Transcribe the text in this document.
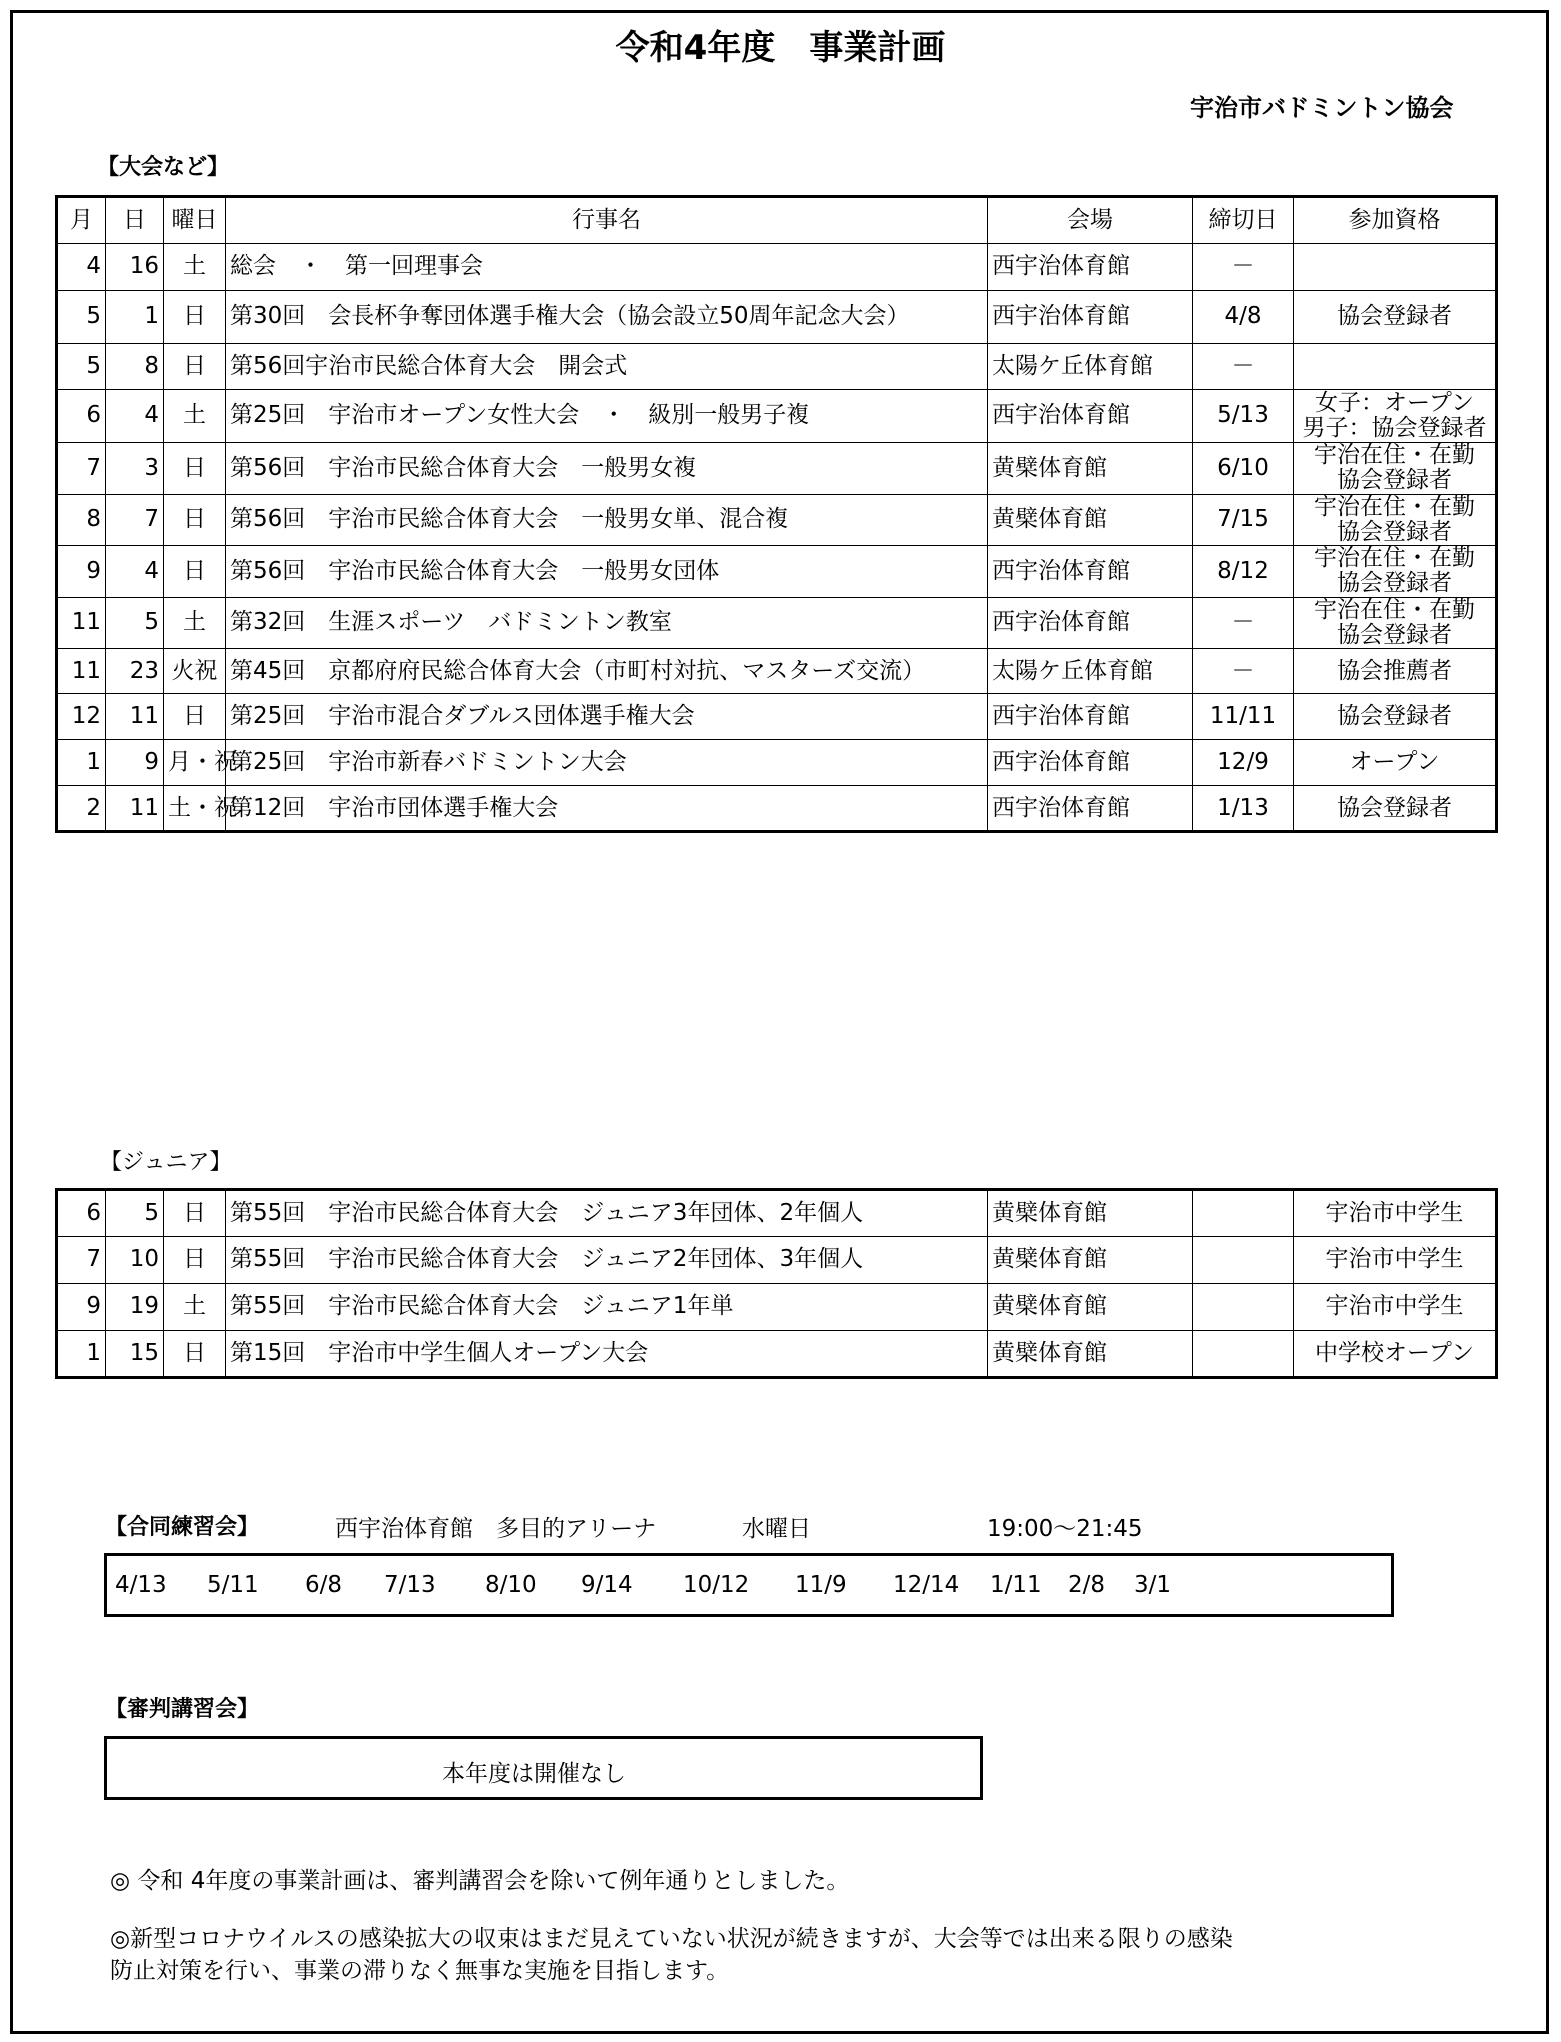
令和4年度　事業計画
宇治市バドミントン協会
【大会など】
月	日	曜日	行事名	会場	締切日	参加資格
4	16	土	総会　・　第一回理事会	西宇治体育館	－	
5	1	日	第30回　会長杯争奪団体選手権大会（協会設立50周年記念大会）	西宇治体育館	4/8	協会登録者
5	8	日	第56回宇治市民総合体育大会　開会式	太陽ケ丘体育館	－	
6	4	土	第25回　宇治市オープン女性大会　・　級別一般男子複	西宇治体育館	5/13	女子：オープン
男子：協会登録者
7	3	日	第56回　宇治市民総合体育大会　一般男女複	黄檗体育館	6/10	宇治在住・在勤
協会登録者
8	7	日	第56回　宇治市民総合体育大会　一般男女単、混合複	黄檗体育館	7/15	宇治在住・在勤
協会登録者
9	4	日	第56回　宇治市民総合体育大会　一般男女団体	西宇治体育館	8/12	宇治在住・在勤
協会登録者
11	5	土	第32回　生涯スポーツ　バドミントン教室	西宇治体育館	－	宇治在住・在勤
協会登録者
11	23	火祝	第45回　京都府府民総合体育大会（市町村対抗、マスターズ交流）	太陽ケ丘体育館	－	協会推薦者
12	11	日	第25回　宇治市混合ダブルス団体選手権大会	西宇治体育館	11/11	協会登録者
1	9	月・祝	第25回　宇治市新春バドミントン大会	西宇治体育館	12/9	オープン
2	11	土・祝	第12回　宇治市団体選手権大会	西宇治体育館	1/13	協会登録者
【ジュニア】
6	5	日	第55回　宇治市民総合体育大会　ジュニア3年団体、2年個人	黄檗体育館		宇治市中学生
7	10	日	第55回　宇治市民総合体育大会　ジュニア2年団体、3年個人	黄檗体育館		宇治市中学生
9	19	土	第55回　宇治市民総合体育大会　ジュニア1年単	黄檗体育館		宇治市中学生
1	15	日	第15回　宇治市中学生個人オープン大会	黄檗体育館		中学校オープン
【合同練習会】	西宇治体育館　多目的アリーナ	水曜日	19:00～21:45
4/13 5/11 6/8 7/13 8/10 9/14 10/12 11/9 12/14 1/11 2/8 3/1
【審判講習会】
本年度は開催なし
◎ 令和 4年度の事業計画は、審判講習会を除いて例年通りとしました。
◎新型コロナウイルスの感染拡大の収束はまだ見えていない状況が続きますが、大会等では出来る限りの感染
防止対策を行い、事業の滞りなく無事な実施を目指します。
